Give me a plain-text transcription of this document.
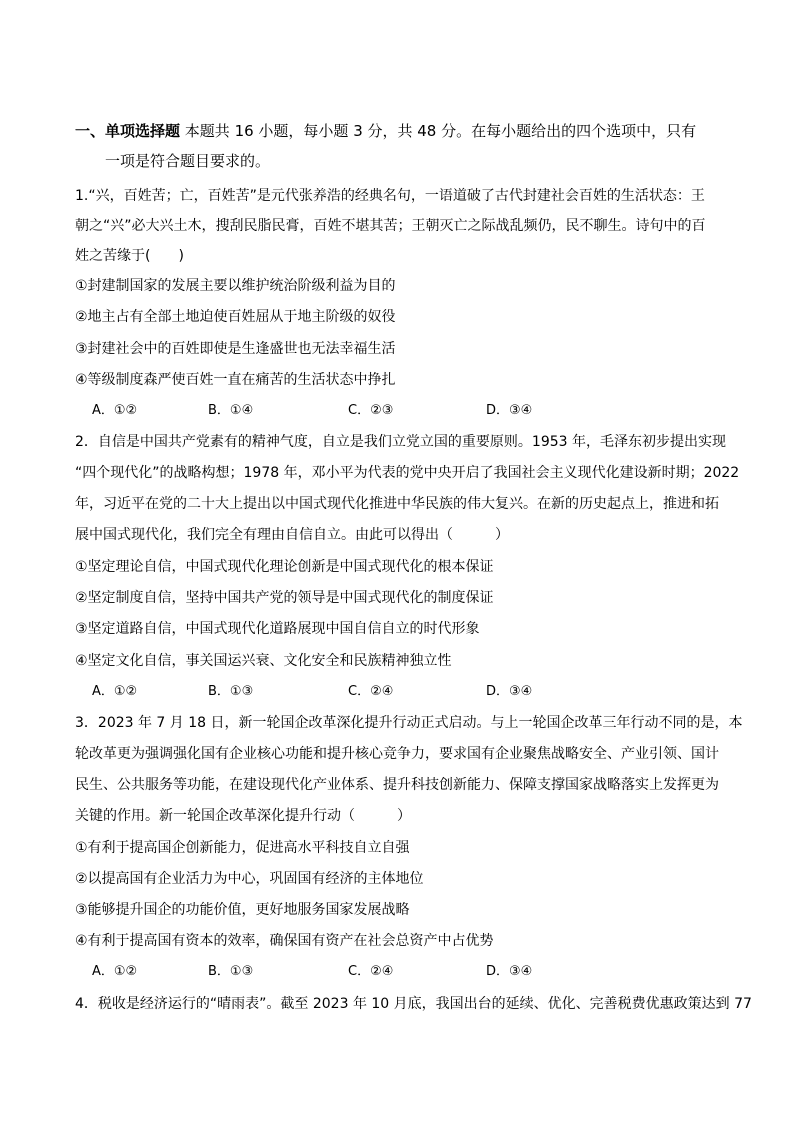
一、单项选择题 本题共 16 小题，每小题 3 分，共 48 分。在每小题给出的四个选项中，只有
一项是符合题目要求的。
1.“兴，百姓苦；亡，百姓苦”是元代张养浩的经典名句，一语道破了古代封建社会百姓的生活状态：王
朝之“兴”必大兴土木，搜刮民脂民膏，百姓不堪其苦；王朝灭亡之际战乱频仍，民不聊生。诗句中的百
姓之苦缘于(　　)
①封建制国家的发展主要以维护统治阶级利益为目的
②地主占有全部土地迫使百姓屈从于地主阶级的奴役
③封建社会中的百姓即使是生逢盛世也无法幸福生活
④等级制度森严使百姓一直在痛苦的生活状态中挣扎
A．①②	B．①④	C．②③	D．③④
2．自信是中国共产党素有的精神气度，自立是我们立党立国的重要原则。1953 年，毛泽东初步提出实现
“四个现代化”的战略构想；1978 年，邓小平为代表的党中央开启了我国社会主义现代化建设新时期；2022
年，习近平在党的二十大上提出以中国式现代化推进中华民族的伟大复兴。在新的历史起点上，推进和拓
展中国式现代化，我们完全有理由自信自立。由此可以得出（　　　）
①坚定理论自信，中国式现代化理论创新是中国式现代化的根本保证
②坚定制度自信，坚持中国共产党的领导是中国式现代化的制度保证
③坚定道路自信，中国式现代化道路展现中国自信自立的时代形象
④坚定文化自信，事关国运兴衰、文化安全和民族精神独立性
A．①②	B．①③	C．②④	D．③④
3．2023 年 7 月 18 日，新一轮国企改革深化提升行动正式启动。与上一轮国企改革三年行动不同的是，本
轮改革更为强调强化国有企业核心功能和提升核心竞争力，要求国有企业聚焦战略安全、产业引领、国计
民生、公共服务等功能，在建设现代化产业体系、提升科技创新能力、保障支撑国家战略落实上发挥更为
关键的作用。新一轮国企改革深化提升行动（　　　）
①有利于提高国企创新能力，促进高水平科技自立自强
②以提高国有企业活力为中心，巩固国有经济的主体地位
③能够提升国企的功能价值，更好地服务国家发展战略
④有利于提高国有资本的效率，确保国有资产在社会总资产中占优势
A．①②	B．①③	C．②④	D．③④
4．税收是经济运行的“晴雨表”。截至 2023 年 10 月底，我国出台的延续、优化、完善税费优惠政策达到 77
